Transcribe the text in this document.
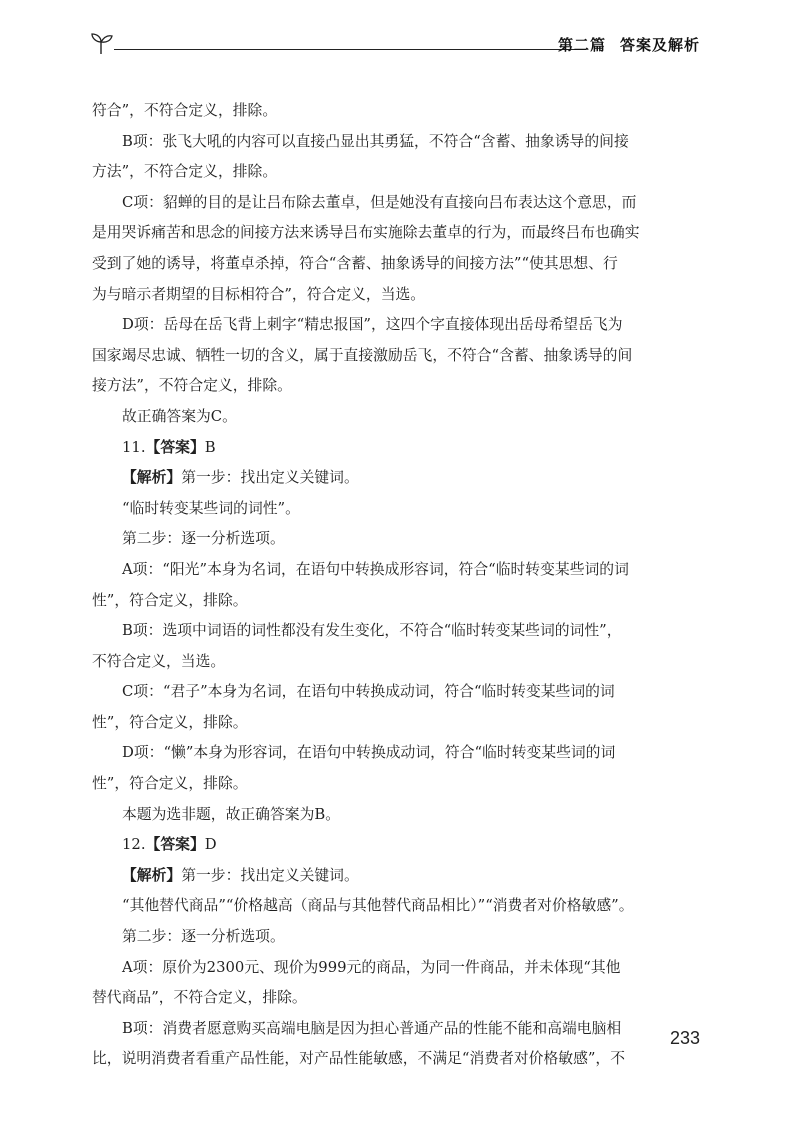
第二篇 答案及解析
符合”，不符合定义，排除。
B项：张飞大吼的内容可以直接凸显出其勇猛，不符合“含蓄、抽象诱导的间接
方法”，不符合定义，排除。
C项：貂蝉的目的是让吕布除去董卓，但是她没有直接向吕布表达这个意思，而
是用哭诉痛苦和思念的间接方法来诱导吕布实施除去董卓的行为，而最终吕布也确实
受到了她的诱导，将董卓杀掉，符合“含蓄、抽象诱导的间接方法”“使其思想、行
为与暗示者期望的目标相符合”，符合定义，当选。
D项：岳母在岳飞背上刺字“精忠报国”，这四个字直接体现出岳母希望岳飞为
国家竭尽忠诚、牺牲一切的含义，属于直接激励岳飞，不符合“含蓄、抽象诱导的间
接方法”，不符合定义，排除。
故正确答案为C。
11.【答案】B
【解析】第一步：找出定义关键词。
“临时转变某些词的词性”。
第二步：逐一分析选项。
A项：“阳光”本身为名词，在语句中转换成形容词，符合“临时转变某些词的词
性”，符合定义，排除。
B项：选项中词语的词性都没有发生变化，不符合“临时转变某些词的词性”，
不符合定义，当选。
C项：“君子”本身为名词，在语句中转换成动词，符合“临时转变某些词的词
性”，符合定义，排除。
D项：“懒”本身为形容词，在语句中转换成动词，符合“临时转变某些词的词
性”，符合定义，排除。
本题为选非题，故正确答案为B。
12.【答案】D
【解析】第一步：找出定义关键词。
“其他替代商品”“价格越高（商品与其他替代商品相比）”“消费者对价格敏感”。
第二步：逐一分析选项。
A项：原价为2300元、现价为999元的商品，为同一件商品，并未体现“其他
替代商品”，不符合定义，排除。
B项：消费者愿意购买高端电脑是因为担心普通产品的性能不能和高端电脑相
比，说明消费者看重产品性能，对产品性能敏感，不满足“消费者对价格敏感”，不
233
